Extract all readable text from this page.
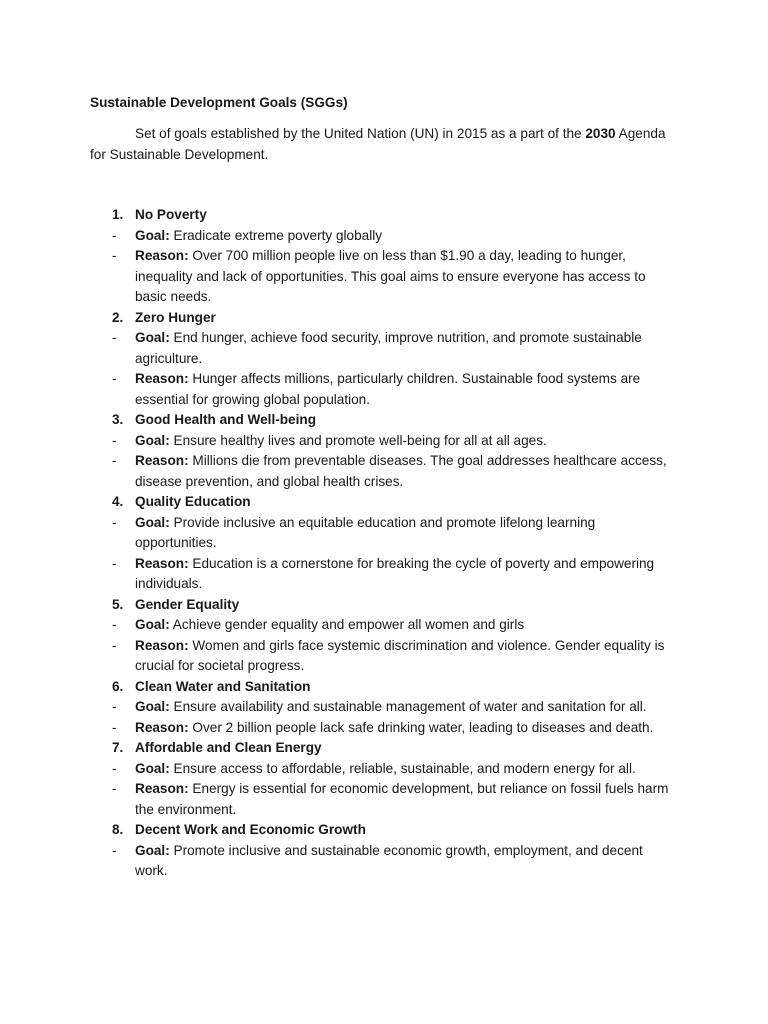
Sustainable Development Goals (SGGs)

Set of goals established by the United Nation (UN) in 2015 as a part of the 2030 Agenda for Sustainable Development.

1. No Poverty
- Goal: Eradicate extreme poverty globally
- Reason: Over 700 million people live on less than $1.90 a day, leading to hunger, inequality and lack of opportunities. This goal aims to ensure everyone has access to basic needs.
2. Zero Hunger
- Goal: End hunger, achieve food security, improve nutrition, and promote sustainable agriculture.
- Reason: Hunger affects millions, particularly children. Sustainable food systems are essential for growing global population.
3. Good Health and Well-being
- Goal: Ensure healthy lives and promote well-being for all at all ages.
- Reason: Millions die from preventable diseases. The goal addresses healthcare access, disease prevention, and global health crises.
4. Quality Education
- Goal: Provide inclusive an equitable education and promote lifelong learning opportunities.
- Reason: Education is a cornerstone for breaking the cycle of poverty and empowering individuals.
5. Gender Equality
- Goal: Achieve gender equality and empower all women and girls
- Reason: Women and girls face systemic discrimination and violence. Gender equality is crucial for societal progress.
6. Clean Water and Sanitation
- Goal: Ensure availability and sustainable management of water and sanitation for all.
- Reason: Over 2 billion people lack safe drinking water, leading to diseases and death.
7. Affordable and Clean Energy
- Goal: Ensure access to affordable, reliable, sustainable, and modern energy for all.
- Reason: Energy is essential for economic development, but reliance on fossil fuels harm the environment.
8. Decent Work and Economic Growth
- Goal: Promote inclusive and sustainable economic growth, employment, and decent work.
